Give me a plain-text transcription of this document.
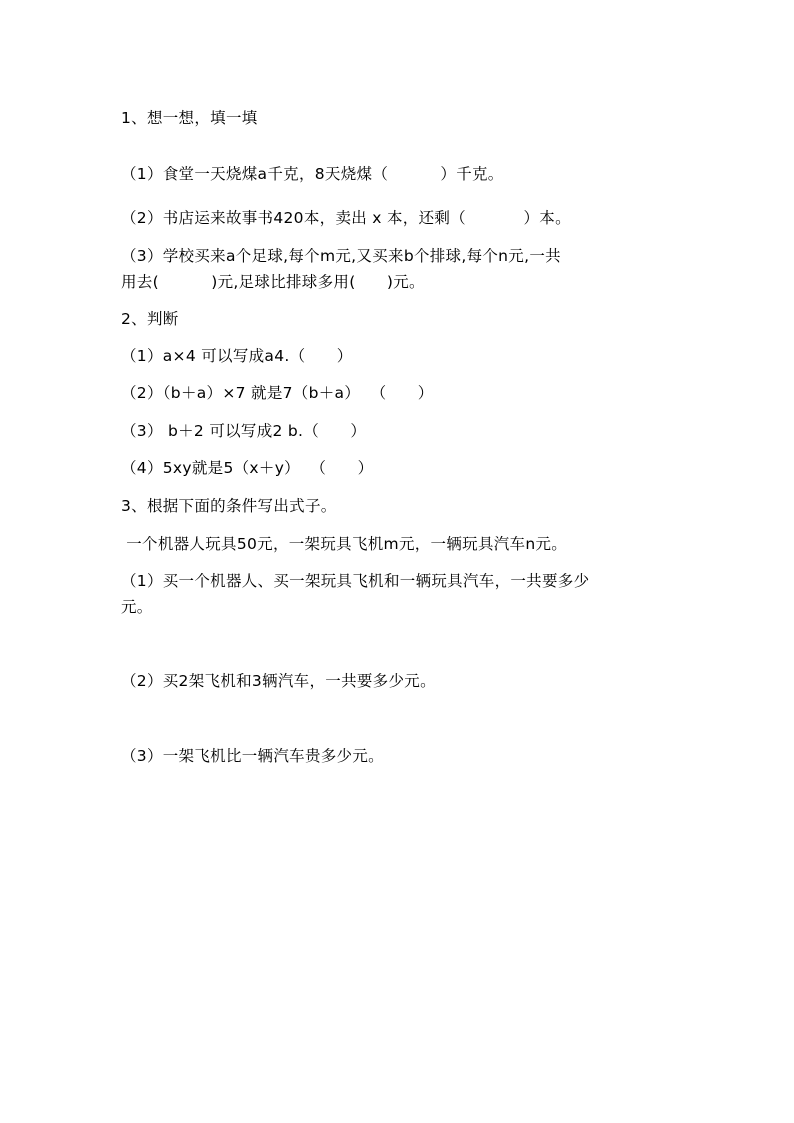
1、想一想，填一填
（1）食堂一天烧煤a千克，8天烧煤（          ）千克。
（2）书店运来故事书420本，卖出 x 本，还剩（           ）本。
（3）学校买来a个足球,每个m元,又买来b个排球,每个n元,一共
用去(          )元,足球比排球多用(      )元。
2、判断
（1）a×4 可以写成a4.（      ）
（2）（b＋a）×7 就是7（b＋a）  （      ）
（3） b＋2 可以写成2 b.（      ）
（4）5xy就是5（x＋y）  （      ）
3、根据下面的条件写出式子。
一个机器人玩具50元，一架玩具飞机m元，一辆玩具汽车n元。
（1）买一个机器人、买一架玩具飞机和一辆玩具汽车，一共要多少
元。
（2）买2架飞机和3辆汽车，一共要多少元。
（3）一架飞机比一辆汽车贵多少元。
